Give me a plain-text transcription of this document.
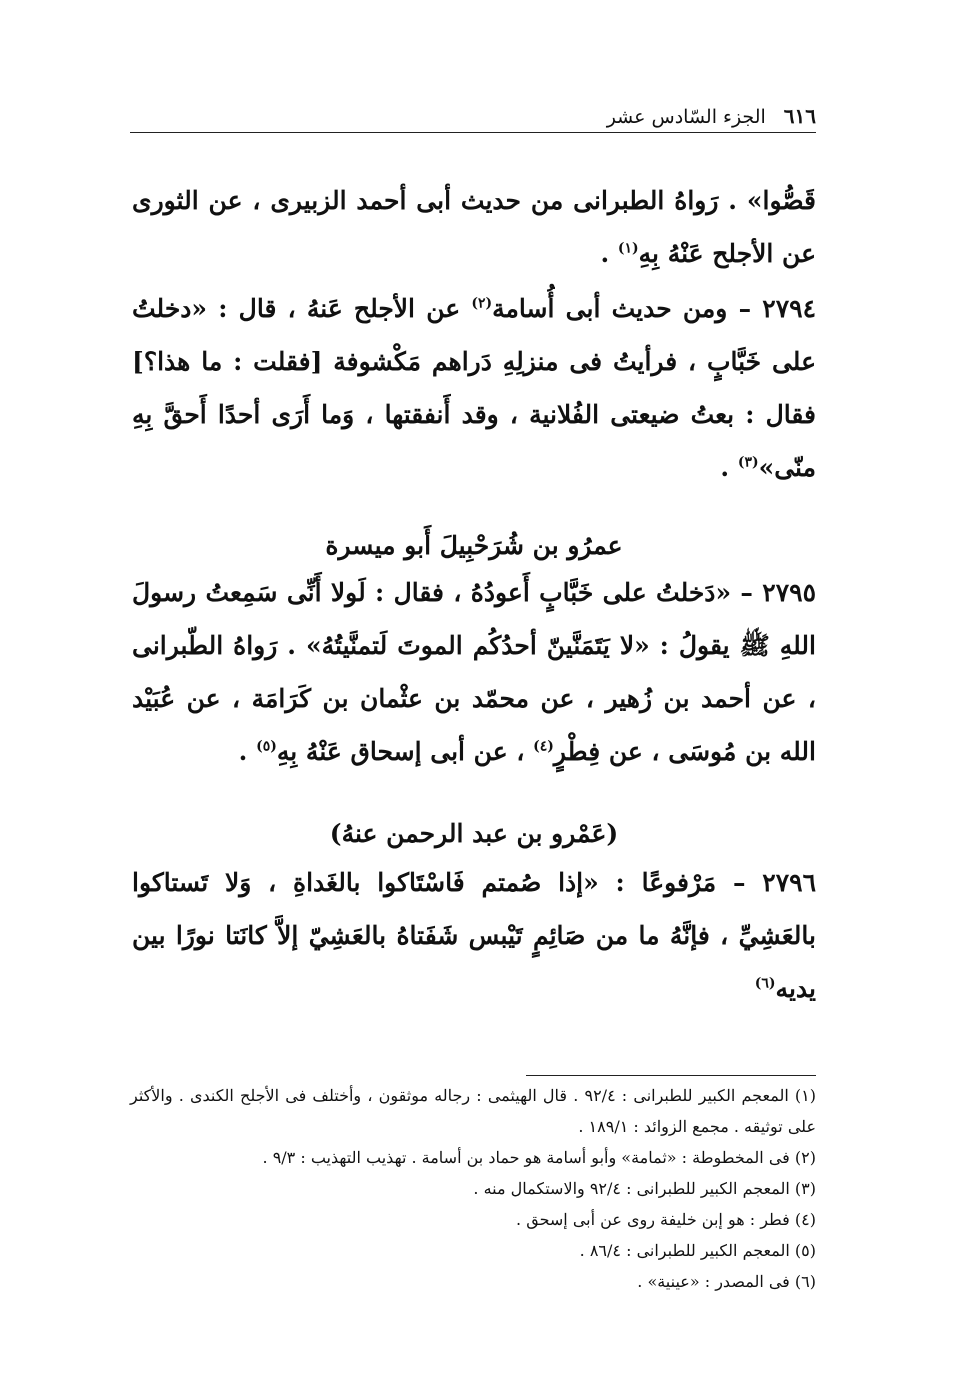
٦١٦
الجزء السّادس عشر

قَصُّوا» . رَواهُ الطبرانى من حديث أبى أحمد الزبيرى ، عن الثورى عن الأجلح عَنْهُ بِهِ$^{(١)}$ .

٢٧٩٤ – ومن حديث أبى أُسامة$^{(٢)}$ عن الأجلح عَنهُ ، قال : «دخلتُ على خَبَّابٍ ، فرأيتُ فى منزلِهِ دَراهم مَكْشوفة [فقلت : ما هذا؟] فقال : بعتُ ضيعتى الفُلانية ، وقد أَنفقتها ، وَما أَرَى أحدًا أَحقَّ بِهِ منّى»$^{(٣)}$ .

عمرُو بن شُرَحْبِيلَ أَبو ميسرة

٢٧٩٥ – «دَخلتُ على خَبَّابٍ أَعودُهُ ، فقال : لَولا أَنِّى سَمِعتُ رسولَ اللهِ ﷺ يقولُ : «لا يَتَمَنَّينّ أحدُكُم الموتَ لَتمنَّيتُهُ» . رَواهُ الطّبرانى ، عن أحمد بن زُهير ، عن محمّد بن عثْمان بن كَرَامَة ، عن عُبَيْد الله بن مُوسَى ، عن فِطْرٍ$^{(٤)}$ ، عن أبى إسحاق عَنْهُ بِهِ$^{(٥)}$ .

(عَمْرو بن عبد الرحمن عنهُ)

٢٧٩٦ – مَرْفوعًا : «إذا صُمتم فَاسْتَاكوا بالغَداةِ ، وَلا تَستاكوا بالعَشِيِّ ، فإنَّهُ ما من صَائِمٍ تَيْبس شَفَتاهُ بالعَشِيّ إلاَّ كانَتا نورًا بين يديه$^{(٦)}$

(١) المعجم الكبير للطبرانى : ٩٢/٤ . قال الهيثمى : رجاله موثقون ، وأختلف فى الأجلح الكندى . والأكثر على توثيقه . مجمع الزوائد : ١٨٩/١ .

(٢) فى المخطوطة : «ثمامة» وأبو أسامة هو حماد بن أسامة . تهذيب التهذيب : ٩/٣ .

(٣) المعجم الكبير للطبرانى : ٩٢/٤ والاستكمال منه .

(٤) فطر : هو إبن خليفة روى عن أبى إسحق .

(٥) المعجم الكبير للطبرانى : ٨٦/٤ .

(٦) فى المصدر : «عينية» .
